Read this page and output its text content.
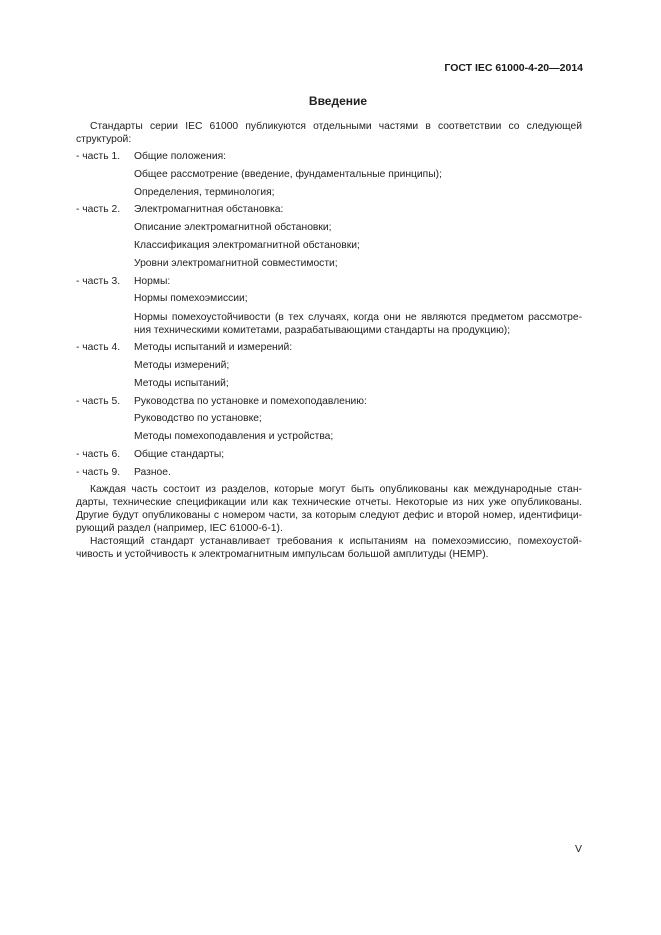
ГОСТ IEC 61000-4-20—2014
Введение

Стандарты серии IEC 61000 публикуются отдельными частями в соответствии со следующей
структурой:

- часть 1. Общие положения:
Общее рассмотрение (введение, фундаментальные принципы);
Определения, терминология;
- часть 2. Электромагнитная обстановка:
Описание электромагнитной обстановки;
Классификация электромагнитной обстановки;
Уровни электромагнитной совместимости;
- часть 3. Нормы:
Нормы помехоэмиссии;
Нормы помехоустойчивости (в тех случаях, когда они не являются предметом рассмотре-
ния техническими комитетами, разрабатывающими стандарты на продукцию);
- часть 4. Методы испытаний и измерений:
Методы измерений;
Методы испытаний;
- часть 5. Руководства по установке и помехоподавлению:
Руководство по установке;
Методы помехоподавления и устройства;
- часть 6. Общие стандарты;
- часть 9. Разное.

Каждая часть состоит из разделов, которые могут быть опубликованы как международные стан-
дарты, технические спецификации или как технические отчеты. Некоторые из них уже опубликованы.
Другие будут опубликованы с номером части, за которым следуют дефис и второй номер, идентифици-
рующий раздел (например, IEC 61000-6-1).

Настоящий стандарт устанавливает требования к испытаниям на помехоэмиссию, помехоустой-
чивость и устойчивость к электромагнитным импульсам большой амплитуды (HEMP).

V
